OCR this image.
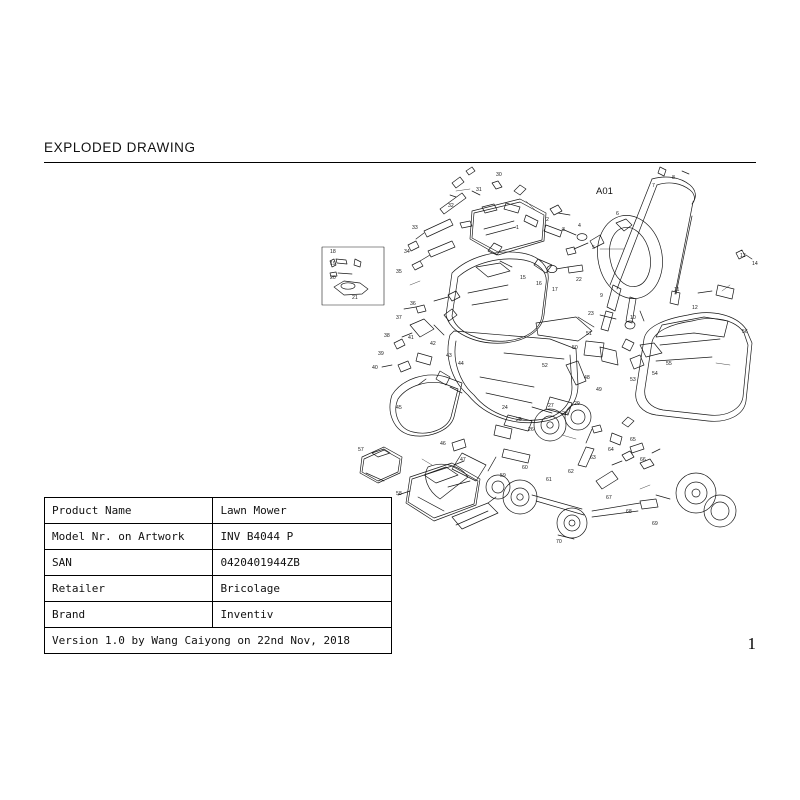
EXPLODED DRAWING
1
18
19
20
21
30
31
32
33
34
35
1
2
3
4
5
6
7
8
9
10
11
12
13
14
15
16
17
22
23
36
37
38
39
40
41
42
43
44
45
46
47
24
25
26
27
28
29
48
49
50
51
52
53
54
55
56
57
58
59
60
61
62
63
64
65
66
67
68
69
70
A01
Product Name	Lawn Mower
Model Nr. on Artwork	INV B4044 P
SAN	0420401944ZB
Retailer	Bricolage
Brand	Inventiv
Version 1.0 by Wang Caiyong on 22nd Nov, 2018	
